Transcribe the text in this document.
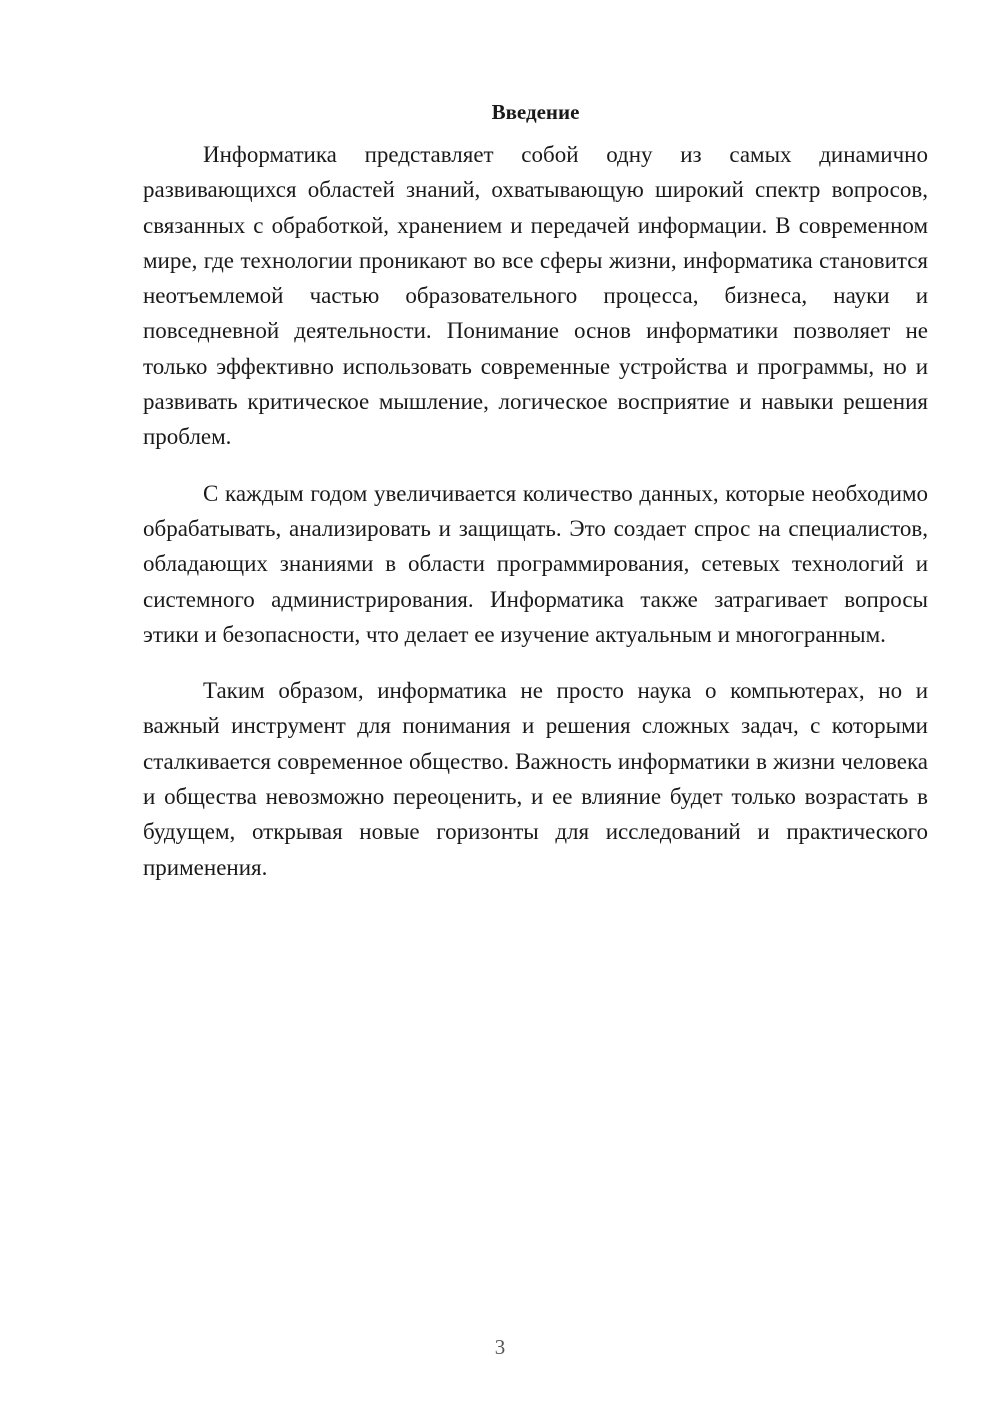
Введение

Информатика представляет собой одну из самых динамично развивающихся областей знаний, охватывающую широкий спектр вопросов, связанных с обработкой, хранением и передачей информации. В современном мире, где технологии проникают во все сферы жизни, информатика становится неотъемлемой частью образовательного процесса, бизнеса, науки и повседневной деятельности. Понимание основ информатики позволяет не только эффективно использовать современные устройства и программы, но и развивать критическое мышление, логическое восприятие и навыки решения проблем.

С каждым годом увеличивается количество данных, которые необходимо обрабатывать, анализировать и защищать. Это создает спрос на специалистов, обладающих знаниями в области программирования, сетевых технологий и системного администрирования. Информатика также затрагивает вопросы этики и безопасности, что делает ее изучение актуальным и многогранным.

Таким образом, информатика не просто наука о компьютерах, но и важный инструмент для понимания и решения сложных задач, с которыми сталкивается современное общество. Важность информатики в жизни человека и общества невозможно переоценить, и ее влияние будет только возрастать в будущем, открывая новые горизонты для исследований и практического применения.

3
